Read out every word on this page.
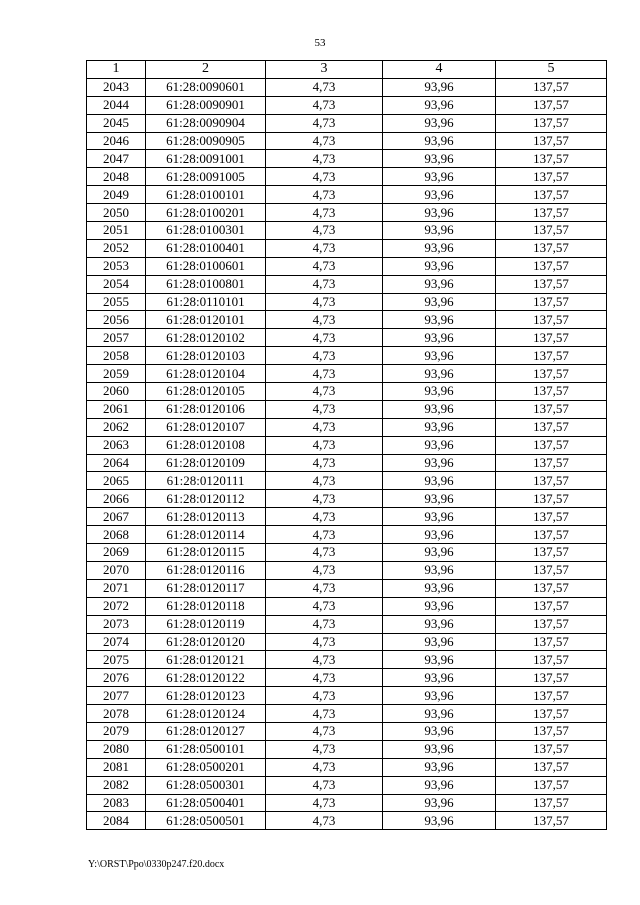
53
1	2	3	4	5
2043	61:28:0090601	4,73	93,96	137,57
2044	61:28:0090901	4,73	93,96	137,57
2045	61:28:0090904	4,73	93,96	137,57
2046	61:28:0090905	4,73	93,96	137,57
2047	61:28:0091001	4,73	93,96	137,57
2048	61:28:0091005	4,73	93,96	137,57
2049	61:28:0100101	4,73	93,96	137,57
2050	61:28:0100201	4,73	93,96	137,57
2051	61:28:0100301	4,73	93,96	137,57
2052	61:28:0100401	4,73	93,96	137,57
2053	61:28:0100601	4,73	93,96	137,57
2054	61:28:0100801	4,73	93,96	137,57
2055	61:28:0110101	4,73	93,96	137,57
2056	61:28:0120101	4,73	93,96	137,57
2057	61:28:0120102	4,73	93,96	137,57
2058	61:28:0120103	4,73	93,96	137,57
2059	61:28:0120104	4,73	93,96	137,57
2060	61:28:0120105	4,73	93,96	137,57
2061	61:28:0120106	4,73	93,96	137,57
2062	61:28:0120107	4,73	93,96	137,57
2063	61:28:0120108	4,73	93,96	137,57
2064	61:28:0120109	4,73	93,96	137,57
2065	61:28:0120111	4,73	93,96	137,57
2066	61:28:0120112	4,73	93,96	137,57
2067	61:28:0120113	4,73	93,96	137,57
2068	61:28:0120114	4,73	93,96	137,57
2069	61:28:0120115	4,73	93,96	137,57
2070	61:28:0120116	4,73	93,96	137,57
2071	61:28:0120117	4,73	93,96	137,57
2072	61:28:0120118	4,73	93,96	137,57
2073	61:28:0120119	4,73	93,96	137,57
2074	61:28:0120120	4,73	93,96	137,57
2075	61:28:0120121	4,73	93,96	137,57
2076	61:28:0120122	4,73	93,96	137,57
2077	61:28:0120123	4,73	93,96	137,57
2078	61:28:0120124	4,73	93,96	137,57
2079	61:28:0120127	4,73	93,96	137,57
2080	61:28:0500101	4,73	93,96	137,57
2081	61:28:0500201	4,73	93,96	137,57
2082	61:28:0500301	4,73	93,96	137,57
2083	61:28:0500401	4,73	93,96	137,57
2084	61:28:0500501	4,73	93,96	137,57
Y:\ORST\Ppo\0330p247.f20.docx
